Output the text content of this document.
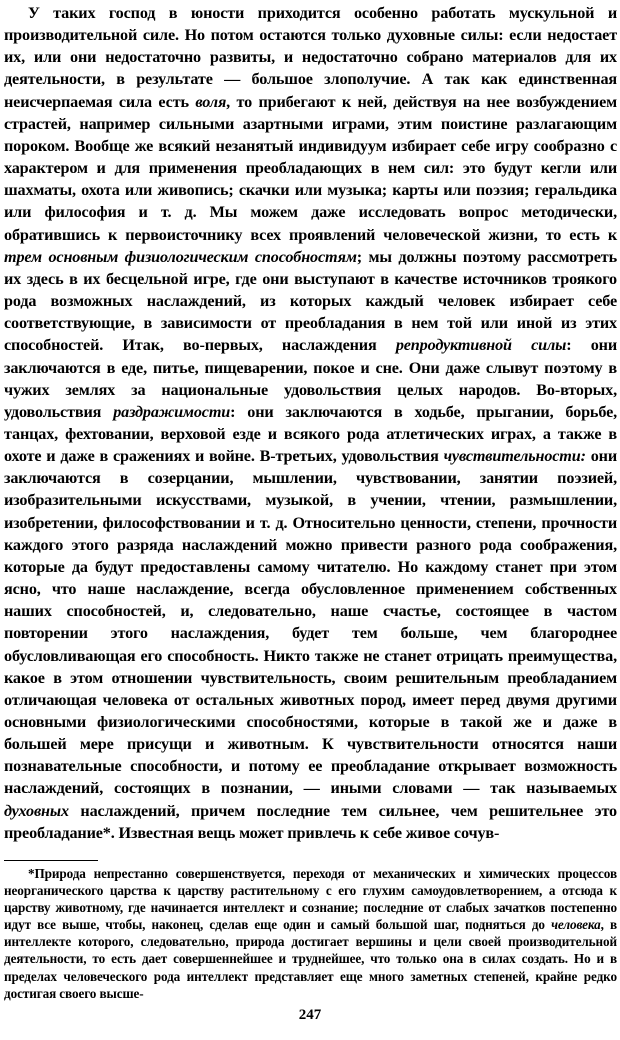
У таких господ в юности приходится особенно работать мускульной и производительной силе. Но потом остаются только духовные силы: если недостает их, или они недостаточно развиты, и недостаточно собрано материалов для их деятельности, в результате — большое злополучие. А так как единственная неисчерпаемая сила есть воля, то прибегают к ней, действуя на нее возбуждением страстей, например сильными азартными играми, этим поистине разлагающим пороком. Вообще же всякий незанятый индивидуум избирает себе игру сообразно с характером и для применения преобладающих в нем сил: это будут кегли или шахматы, охота или живопись; скачки или музыка; карты или поэзия; геральдика или философия и т. д. Мы можем даже исследовать вопрос методически, обратившись к первоисточнику всех проявлений человеческой жизни, то есть к трем основным физиологическим способностям; мы должны поэтому рассмотреть их здесь в их бесцельной игре, где они выступают в качестве источников троякого рода возможных наслаждений, из которых каждый человек избирает себе соответствующие, в зависимости от преобладания в нем той или иной из этих способностей. Итак, во-первых, наслаждения репродуктивной силы: они заключаются в еде, питье, пищеварении, покое и сне. Они даже слывут поэтому в чужих землях за национальные удовольствия целых народов. Во-вторых, удовольствия раздражимости: они заключаются в ходьбе, прыгании, борьбе, танцах, фехтовании, верховой езде и всякого рода атлетических играх, а также в охоте и даже в сражениях и войне. В-третьих, удовольствия чувствительности: они заключаются в созерцании, мышлении, чувствовании, занятии поэзией, изобразительными искусствами, музыкой, в учении, чтении, размышлении, изобретении, философствовании и т. д. Относительно ценности, степени, прочности каждого этого разряда наслаждений можно привести разного рода соображения, которые да будут предоставлены самому читателю. Но каждому станет при этом ясно, что наше наслаждение, всегда обусловленное применением собственных наших способностей, и, следовательно, наше счастье, состоящее в частом повторении этого наслаждения, будет тем больше, чем благороднее обусловливающая его способность. Никто также не станет отрицать преимущества, какое в этом отношении чувствительность, своим решительным преобладанием отличающая человека от остальных животных пород, имеет перед двумя другими основными физиологическими способностями, которые в такой же и даже в большей мере присущи и животным. К чувствительности относятся наши познавательные способности, и потому ее преобладание открывает возможность наслаждений, состоящих в познании, — иными словами — так называемых духовных наслаждений, причем последние тем сильнее, чем решительнее это преобладание*. Известная вещь может привлечь к себе живое сочув-

*Природа непрестанно совершенствуется, переходя от механических и химических процессов неорганического царства к царству растительному с его глухим самоудовлетворением, а отсюда к царству животному, где начинается интеллект и сознание; последние от слабых зачатков постепенно идут все выше, чтобы, наконец, сделав еще один и самый большой шаг, подняться до человека, в интеллекте которого, следовательно, природа достигает вершины и цели своей производительной деятельности, то есть дает совершеннейшее и труднейшее, что только она в силах создать. Но и в пределах человеческого рода интеллект представляет еще много заметных степеней, крайне редко достигая своего высше-

247
